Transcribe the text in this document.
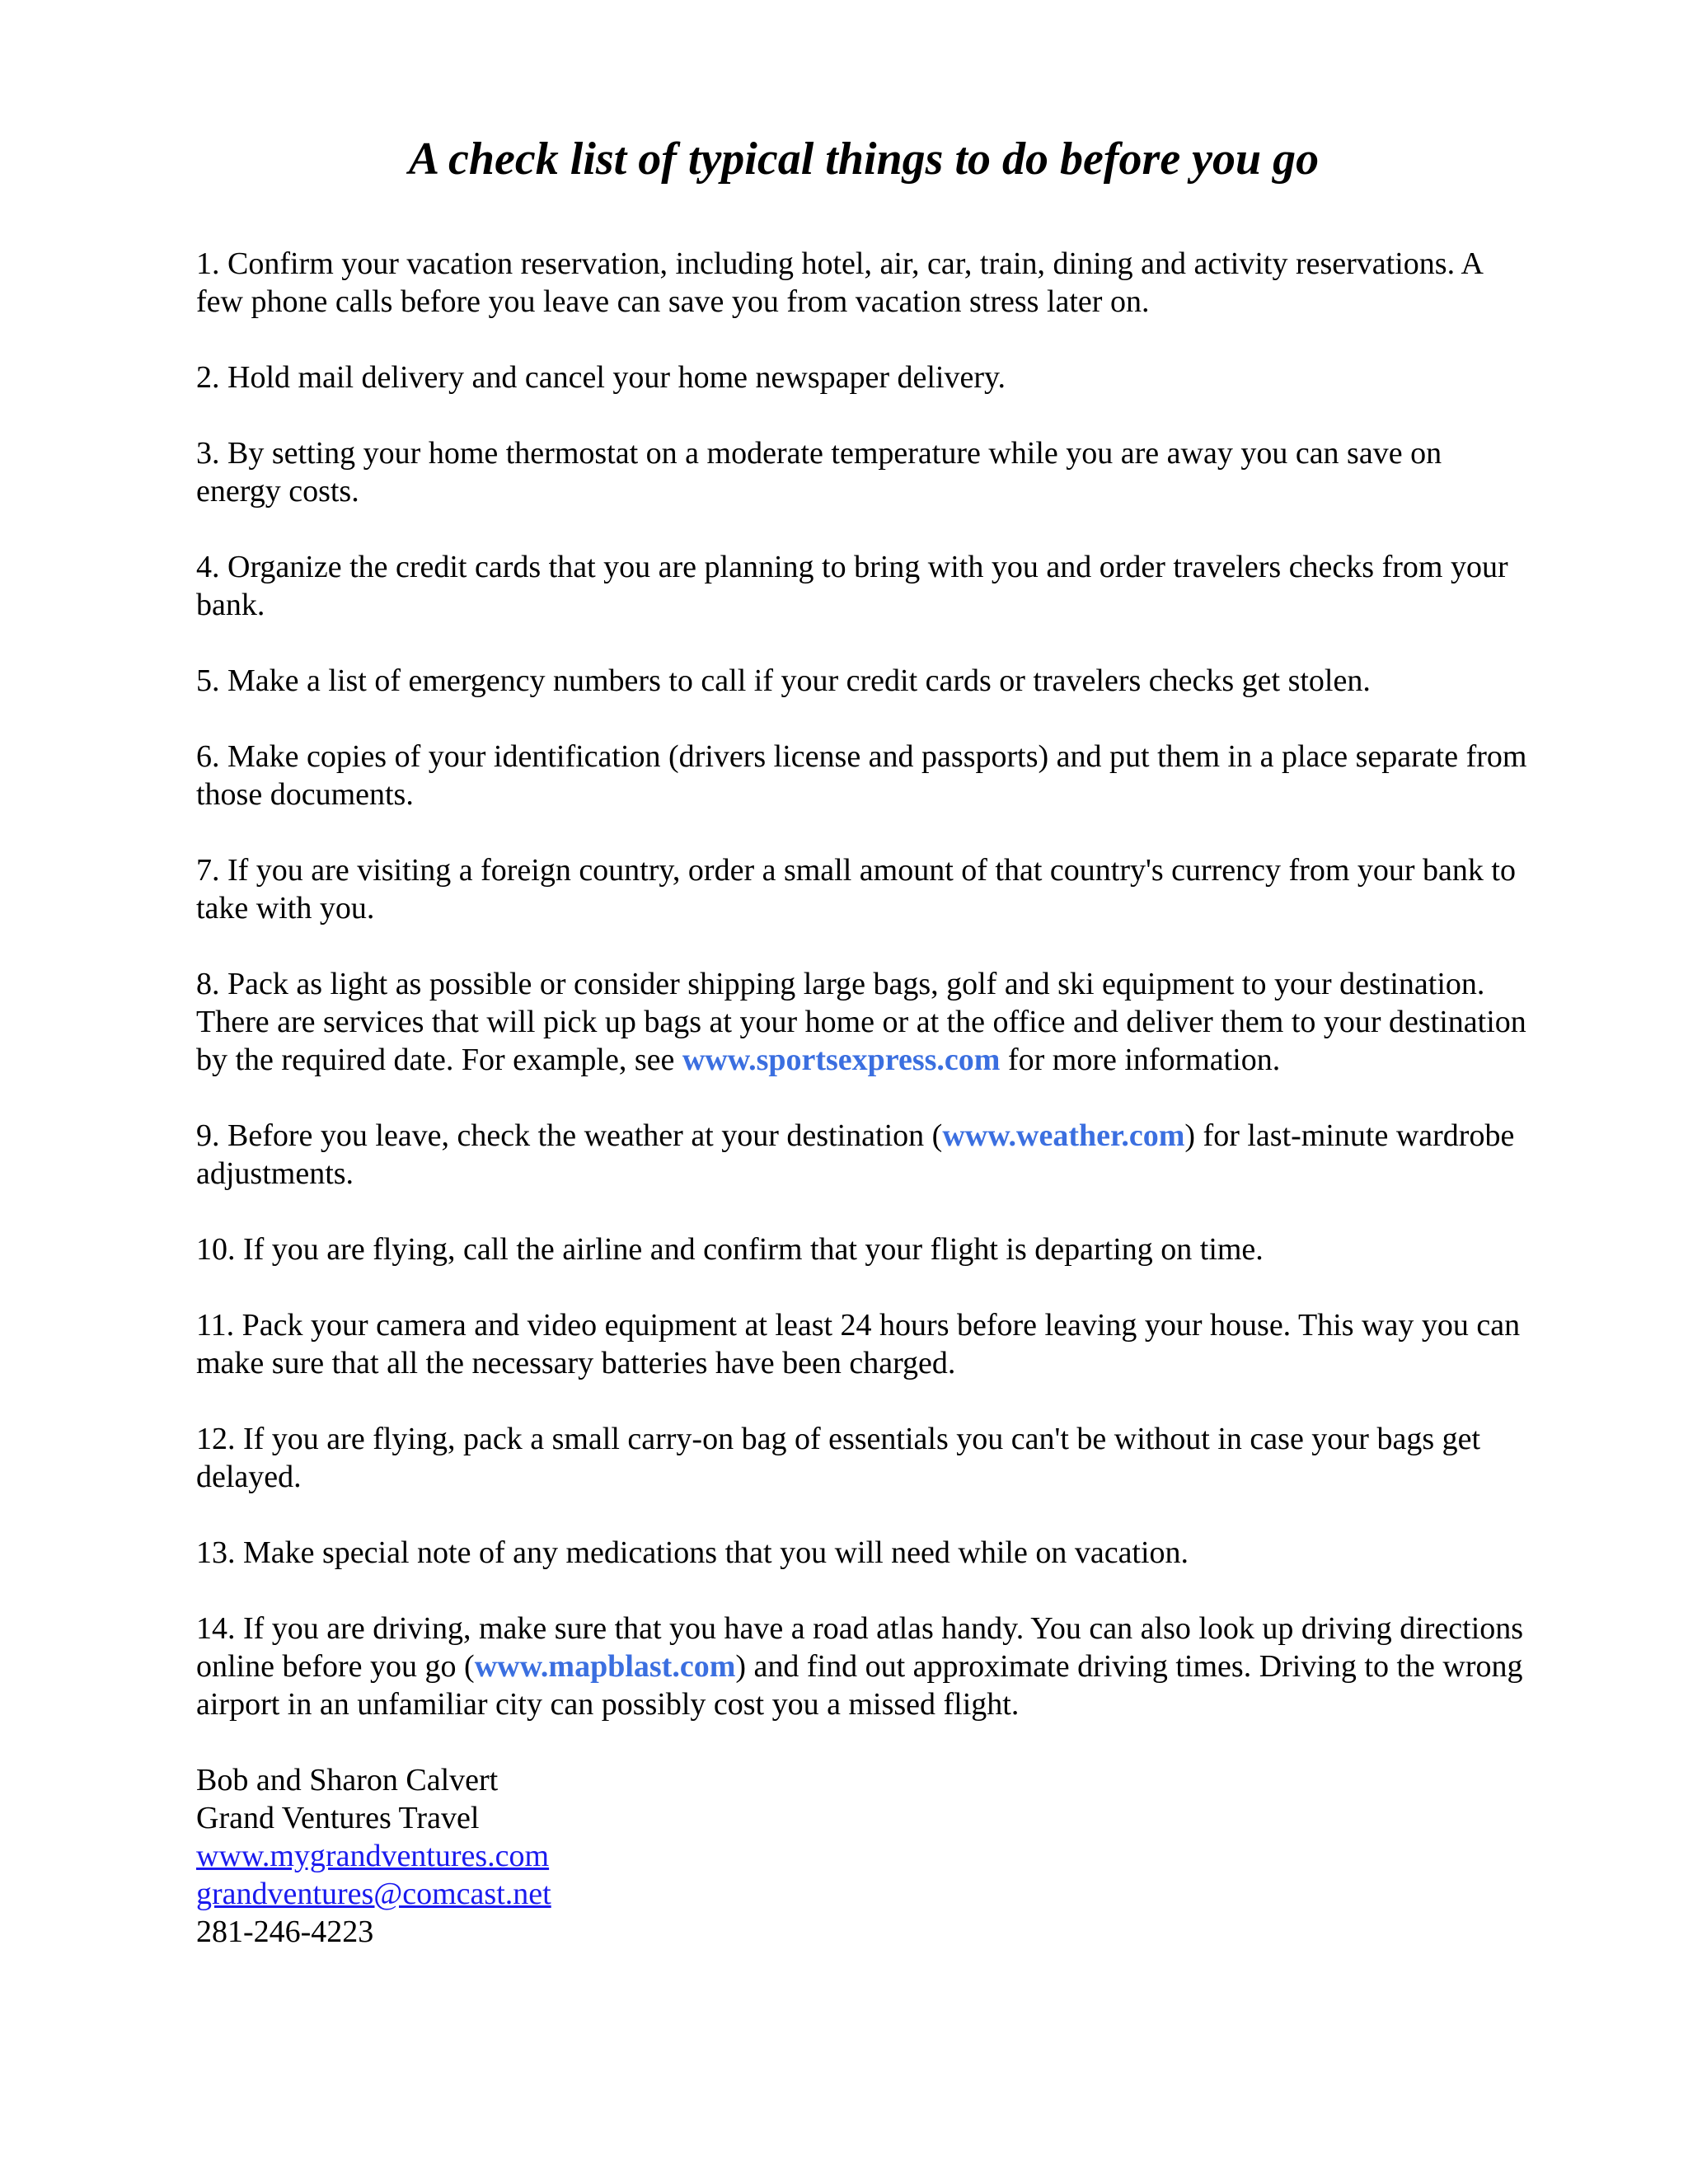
A check list of typical things to do before you go

1. Confirm your vacation reservation, including hotel, air, car, train, dining and activity reservations. A few phone calls before you leave can save you from vacation stress later on.

2. Hold mail delivery and cancel your home newspaper delivery.

3. By setting your home thermostat on a moderate temperature while you are away you can save on energy costs.

4. Organize the credit cards that you are planning to bring with you and order travelers checks from your bank.

5. Make a list of emergency numbers to call if your credit cards or travelers checks get stolen.

6. Make copies of your identification (drivers license and passports) and put them in a place separate from those documents.

7. If you are visiting a foreign country, order a small amount of that country's currency from your bank to take with you.

8. Pack as light as possible or consider shipping large bags, golf and ski equipment to your destination. There are services that will pick up bags at your home or at the office and deliver them to your destination by the required date. For example, see www.sportsexpress.com for more information.

9. Before you leave, check the weather at your destination (www.weather.com) for last-minute wardrobe adjustments.

10. If you are flying, call the airline and confirm that your flight is departing on time.

11. Pack your camera and video equipment at least 24 hours before leaving your house. This way you can make sure that all the necessary batteries have been charged.

12. If you are flying, pack a small carry-on bag of essentials you can't be without in case your bags get delayed.

13. Make special note of any medications that you will need while on vacation.

14. If you are driving, make sure that you have a road atlas handy. You can also look up driving directions online before you go (www.mapblast.com) and find out approximate driving times. Driving to the wrong airport in an unfamiliar city can possibly cost you a missed flight.

Bob and Sharon Calvert
Grand Ventures Travel
www.mygrandventures.com
grandventures@comcast.net
281-246-4223
